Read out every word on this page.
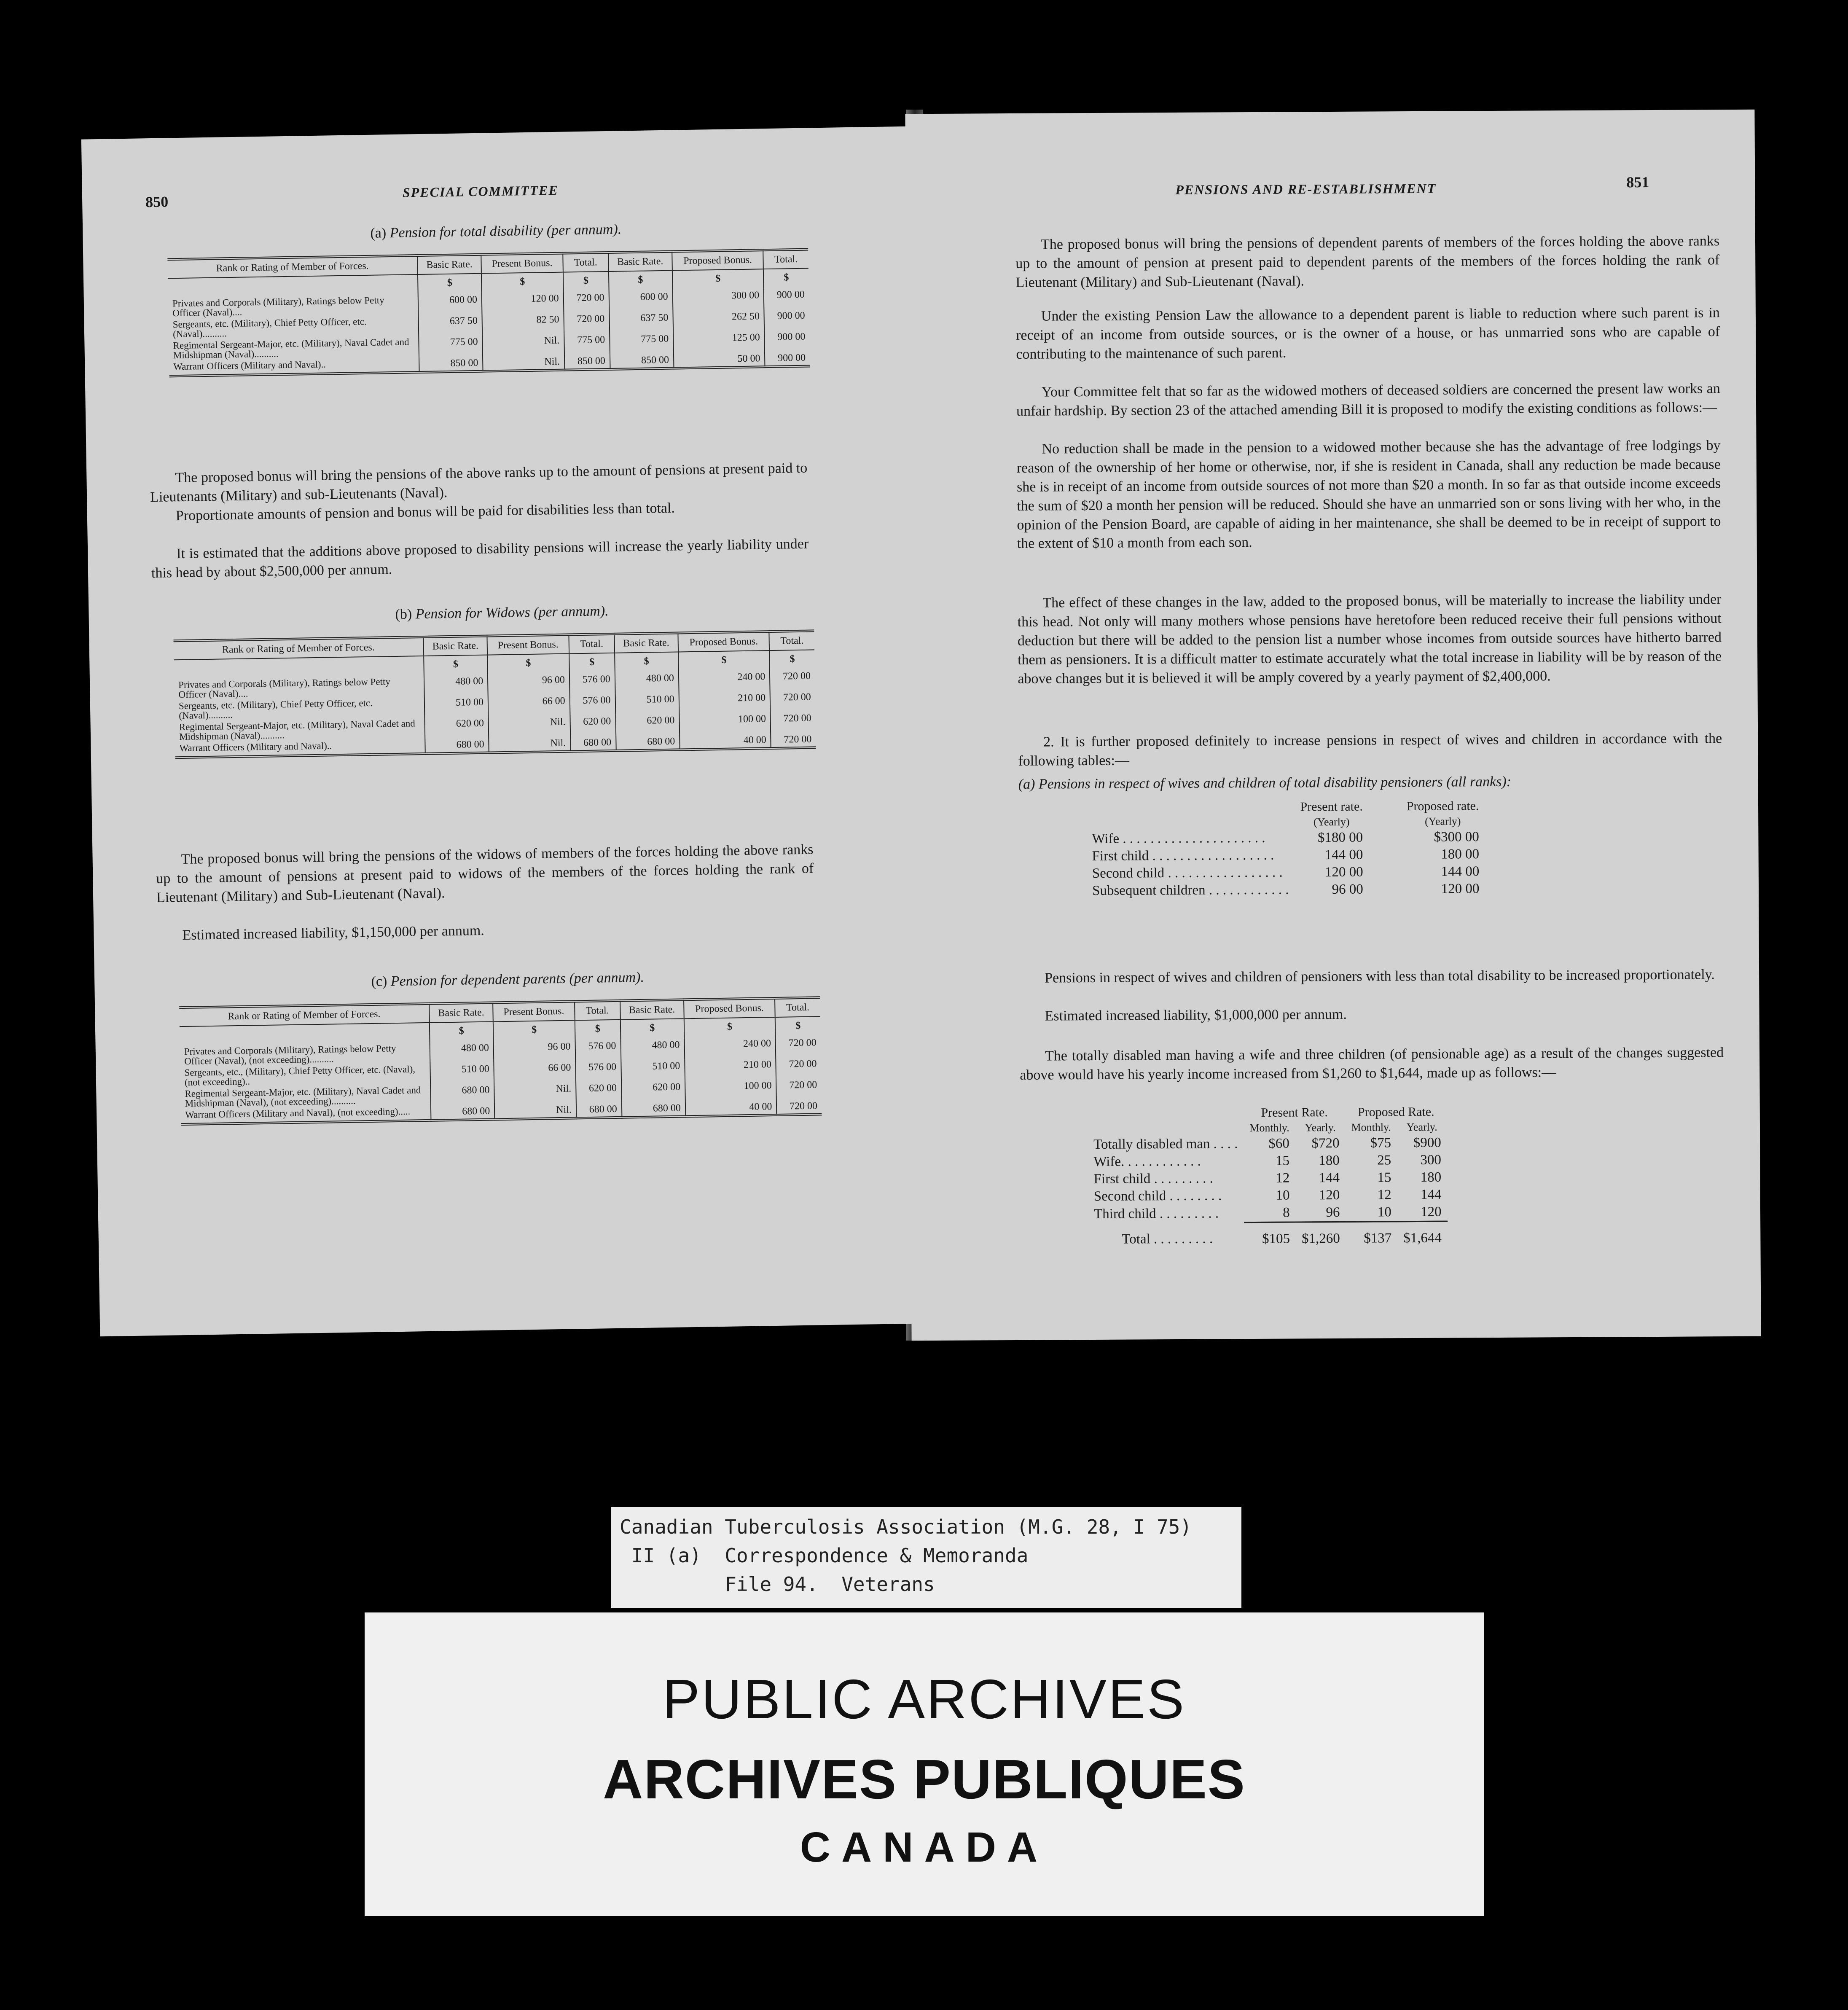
850
SPECIAL COMMITTEE
(a) Pension for total disability (per annum).
Rank or Rating of Member of Forces.	Basic Rate.	Present Bonus.	Total.	Basic Rate.	Proposed Bonus.	Total.
	$	$	$	$	$	$
Privates and Corporals (Military), Ratings below Petty Officer (Naval)....	600 00	120 00	720 00	600 00	300 00	900 00
Sergeants, etc. (Military), Chief Petty Officer, etc. (Naval)..........	637 50	82 50	720 00	637 50	262 50	900 00
Regimental Sergeant-Major, etc. (Military), Naval Cadet and Midshipman (Naval)..........	775 00	Nil.	775 00	775 00	125 00	900 00
Warrant Officers (Military and Naval)..	850 00	Nil.	850 00	850 00	50 00	900 00
The proposed bonus will bring the pensions of the above ranks up to the amount of pensions at present paid to Lieutenants (Military) and sub-Lieutenants (Naval).
Proportionate amounts of pension and bonus will be paid for disabilities less than total.
It is estimated that the additions above proposed to disability pensions will increase the yearly liability under this head by about $2,500,000 per annum.
(b) Pension for Widows (per annum).
Rank or Rating of Member of Forces.	Basic Rate.	Present Bonus.	Total.	Basic Rate.	Proposed Bonus.	Total.
	$	$	$	$	$	$
Privates and Corporals (Military), Ratings below Petty Officer (Naval)....	480 00	96 00	576 00	480 00	240 00	720 00
Sergeants, etc. (Military), Chief Petty Officer, etc. (Naval)..........	510 00	66 00	576 00	510 00	210 00	720 00
Regimental Sergeant-Major, etc. (Military), Naval Cadet and Midshipman (Naval)..........	620 00	Nil.	620 00	620 00	100 00	720 00
Warrant Officers (Military and Naval)..	680 00	Nil.	680 00	680 00	40 00	720 00
The proposed bonus will bring the pensions of the widows of members of the forces holding the above ranks up to the amount of pensions at present paid to widows of the members of the forces holding the rank of Lieutenant (Military) and Sub-Lieutenant (Naval).
Estimated increased liability, $1,150,000 per annum.
(c) Pension for dependent parents (per annum).
Rank or Rating of Member of Forces.	Basic Rate.	Present Bonus.	Total.	Basic Rate.	Proposed Bonus.	Total.
	$	$	$	$	$	$
Privates and Corporals (Military), Ratings below Petty Officer (Naval), (not exceeding)..........	480 00	96 00	576 00	480 00	240 00	720 00
Sergeants, etc., (Military), Chief Petty Officer, etc. (Naval), (not exceeding)..	510 00	66 00	576 00	510 00	210 00	720 00
Regimental Sergeant-Major, etc. (Military), Naval Cadet and Midshipman (Naval), (not exceeding)..........	680 00	Nil.	620 00	620 00	100 00	720 00
Warrant Officers (Military and Naval), (not exceeding).....	680 00	Nil.	680 00	680 00	40 00	720 00
PENSIONS AND RE-ESTABLISHMENT	851
The proposed bonus will bring the pensions of dependent parents of members of the forces holding the above ranks up to the amount of pension at present paid to dependent parents of the members of the forces holding the rank of Lieutenant (Military) and Sub-Lieutenant (Naval).
Under the existing Pension Law the allowance to a dependent parent is liable to reduction where such parent is in receipt of an income from outside sources, or is the owner of a house, or has unmarried sons who are capable of contributing to the maintenance of such parent.
Your Committee felt that so far as the widowed mothers of deceased soldiers are concerned the present law works an unfair hardship. By section 23 of the attached amending Bill it is proposed to modify the existing conditions as follows:—
No reduction shall be made in the pension to a widowed mother because she has the advantage of free lodgings by reason of the ownership of her home or otherwise, nor, if she is resident in Canada, shall any reduction be made because she is in receipt of an income from outside sources of not more than $20 a month. In so far as that outside income exceeds the sum of $20 a month her pension will be reduced. Should she have an unmarried son or sons living with her who, in the opinion of the Pension Board, are capable of aiding in her maintenance, she shall be deemed to be in receipt of support to the extent of $10 a month from each son.
The effect of these changes in the law, added to the proposed bonus, will be materially to increase the liability under this head. Not only will many mothers whose pensions have heretofore been reduced receive their full pensions without deduction but there will be added to the pension list a number whose incomes from outside sources have hitherto barred them as pensioners. It is a difficult matter to estimate accurately what the total increase in liability will be by reason of the above changes but it is believed it will be amply covered by a yearly payment of $2,400,000.
2. It is further proposed definitely to increase pensions in respect of wives and children in accordance with the following tables:—
(a) Pensions in respect of wives and children of total disability pensioners (all ranks):
	Present rate.	Proposed rate.
	(Yearly)	(Yearly)
Wife . . . . . . . . . . . . . . . . . . . . .	$180 00	$300 00
First child . . . . . . . . . . . . . . . . . .	144 00	180 00
Second child . . . . . . . . . . . . . . . . .	120 00	144 00
Subsequent children . . . . . . . . . . . .	96 00	120 00
Pensions in respect of wives and children of pensioners with less than total disability to be increased proportionately.
Estimated increased liability, $1,000,000 per annum.
The totally disabled man having a wife and three children (of pensionable age) as a result of the changes suggested above would have his yearly income increased from $1,260 to $1,644, made up as follows:—
	Present Rate.		Proposed Rate.	
	Monthly.	Yearly.	Monthly.	Yearly.
Totally disabled man . . . .	$60	$720	$75	$900
Wife. . . . . . . . . . . .	15	180	25	300
First child . . . . . . . . .	12	144	15	180
Second child . . . . . . . .	10	120	12	144
Third child . . . . . . . . .	8	96	10	120
Total . . . . . . . . .	$105	$1,260	$137	$1,644
Canadian Tuberculosis Association (M.G. 28, I 75)
II (a)  Correspondence & Memoranda
File 94.  Veterans
PUBLIC ARCHIVES
ARCHIVES PUBLIQUES
CANADA
